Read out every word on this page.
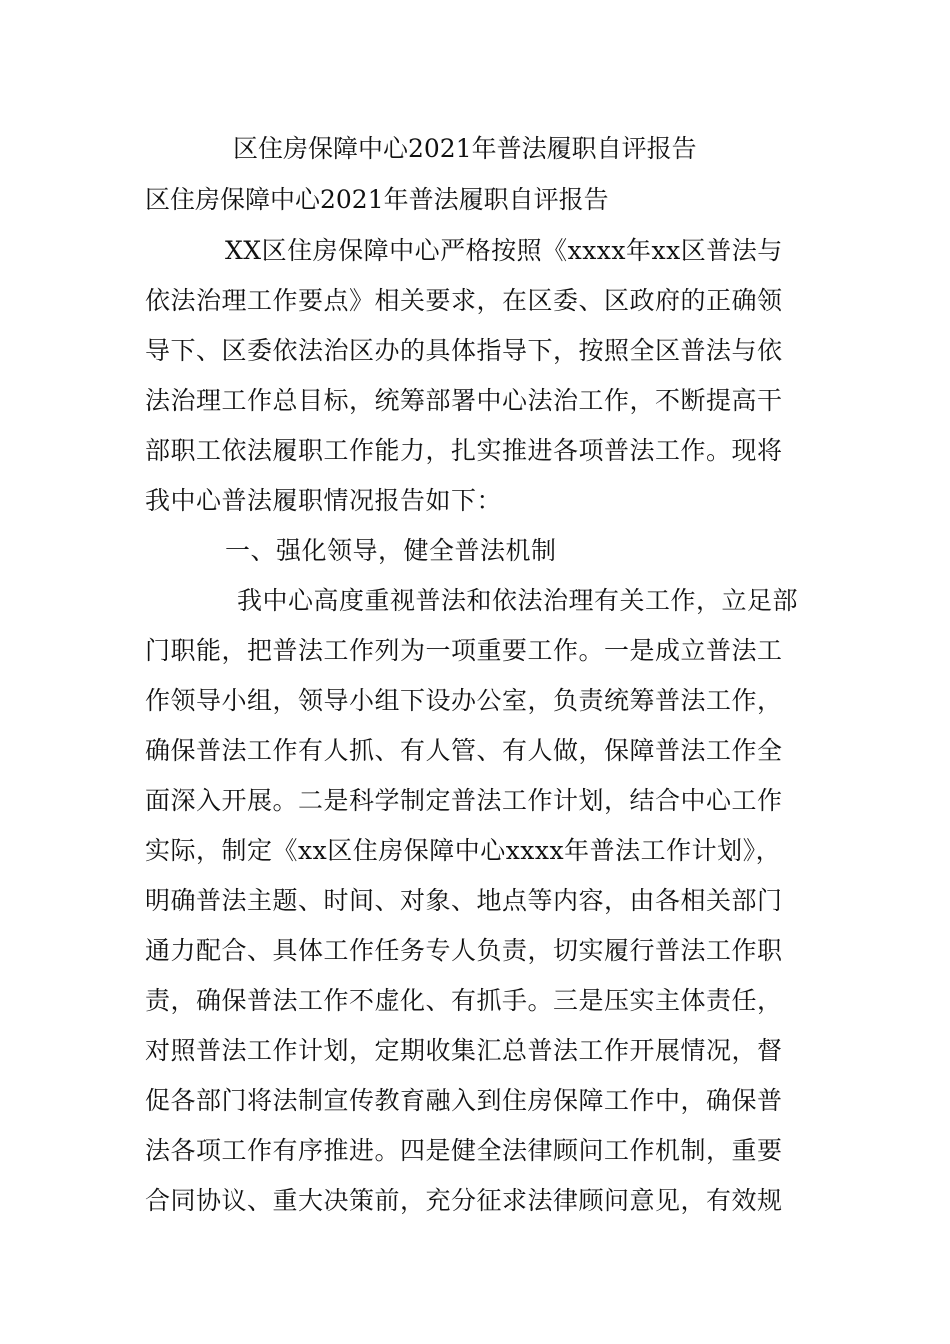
区住房保障中心2021年普法履职自评报告
区住房保障中心2021年普法履职自评报告
XX区住房保障中心严格按照《xxxx年xx区普法与
依法治理工作要点》相关要求，在区委、区政府的正确领
导下、区委依法治区办的具体指导下，按照全区普法与依
法治理工作总目标，统筹部署中心法治工作，不断提高干
部职工依法履职工作能力，扎实推进各项普法工作。现将
我中心普法履职情况报告如下：
一、强化领导，健全普法机制
我中心高度重视普法和依法治理有关工作，立足部
门职能，把普法工作列为一项重要工作。一是成立普法工
作领导小组，领导小组下设办公室，负责统筹普法工作，
确保普法工作有人抓、有人管、有人做，保障普法工作全
面深入开展。二是科学制定普法工作计划，结合中心工作
实际，制定《xx区住房保障中心xxxx年普法工作计划》，
明确普法主题、时间、对象、地点等内容，由各相关部门
通力配合、具体工作任务专人负责，切实履行普法工作职
责，确保普法工作不虚化、有抓手。三是压实主体责任，
对照普法工作计划，定期收集汇总普法工作开展情况，督
促各部门将法制宣传教育融入到住房保障工作中，确保普
法各项工作有序推进。四是健全法律顾问工作机制，重要
合同协议、重大决策前，充分征求法律顾问意见，有效规
